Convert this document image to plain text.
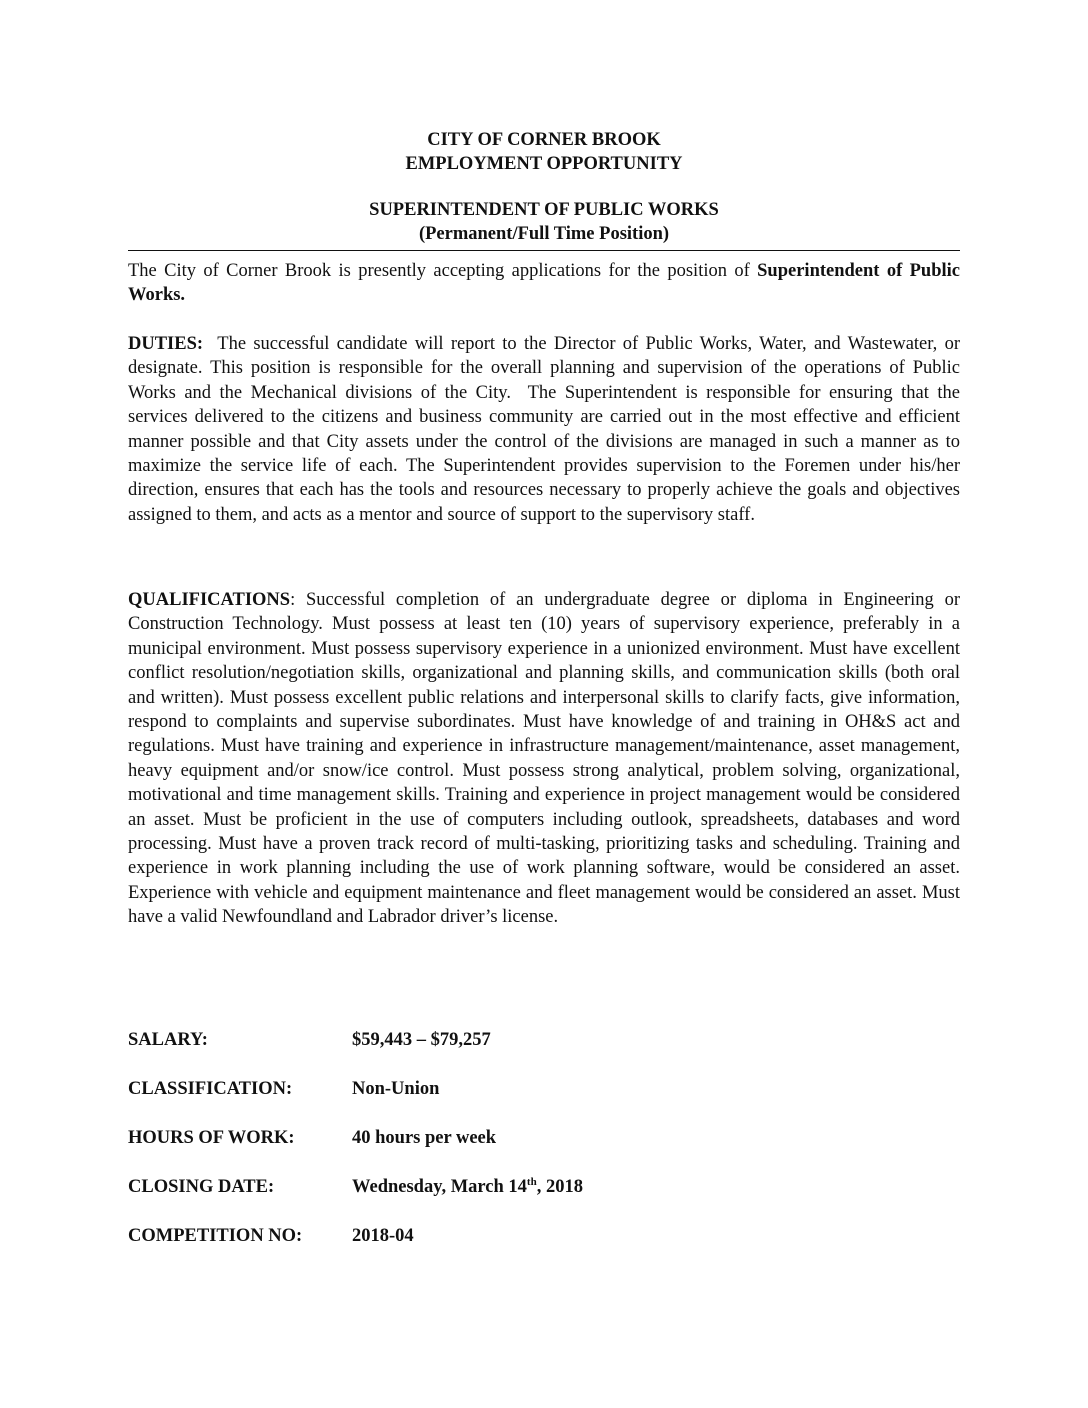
CITY OF CORNER BROOK
EMPLOYMENT OPPORTUNITY
SUPERINTENDENT OF PUBLIC WORKS
(Permanent/Full Time Position)
The City of Corner Brook is presently accepting applications for the position of Superintendent of Public Works.
DUTIES:  The successful candidate will report to the Director of Public Works, Water, and Wastewater, or designate. This position is responsible for the overall planning and supervision of the operations of Public Works and the Mechanical divisions of the City.  The Superintendent is responsible for ensuring that the services delivered to the citizens and business community are carried out in the most effective and efficient manner possible and that City assets under the control of the divisions are managed in such a manner as to maximize the service life of each. The Superintendent provides supervision to the Foremen under his/her direction, ensures that each has the tools and resources necessary to properly achieve the goals and objectives assigned to them, and acts as a mentor and source of support to the supervisory staff.
QUALIFICATIONS: Successful completion of an undergraduate degree or diploma in Engineering or Construction Technology. Must possess at least ten (10) years of supervisory experience, preferably in a municipal environment. Must possess supervisory experience in a unionized environment. Must have excellent conflict resolution/negotiation skills, organizational and planning skills, and communication skills (both oral and written). Must possess excellent public relations and interpersonal skills to clarify facts, give information, respond to complaints and supervise subordinates. Must have knowledge of and training in OH&S act and regulations. Must have training and experience in infrastructure management/maintenance, asset management, heavy equipment and/or snow/ice control. Must possess strong analytical, problem solving, organizational, motivational and time management skills. Training and experience in project management would be considered an asset. Must be proficient in the use of computers including outlook, spreadsheets, databases and word processing. Must have a proven track record of multi-tasking, prioritizing tasks and scheduling. Training and experience in work planning including the use of work planning software, would be considered an asset. Experience with vehicle and equipment maintenance and fleet management would be considered an asset. Must have a valid Newfoundland and Labrador driver’s license.
SALARY:	$59,443 – $79,257
CLASSIFICATION:	Non-Union
HOURS OF WORK:	40 hours per week
CLOSING DATE:	Wednesday, March 14th, 2018
COMPETITION NO:	2018-04
